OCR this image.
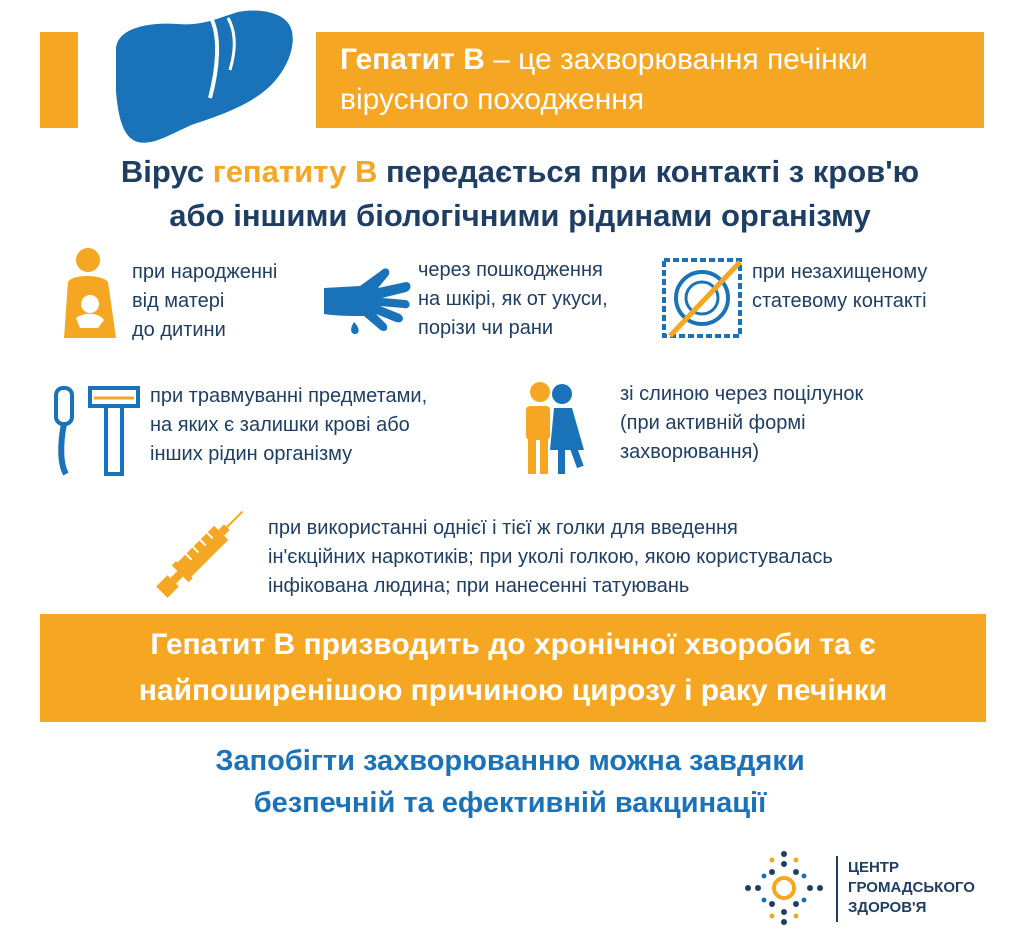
Гепатит В – це захворювання печінки
вірусного походження
Вірус гепатиту В передається при контакті з кров'ю
або іншими біологічними рідинами організму
при народженні
від матері
до дитини
через пошкодження
на шкірі, як от укуси,
порізи чи рани
при незахищеному
статевому контакті
при травмуванні предметами,
на яких є залишки крові або
інших рідин організму
зі слиною через поцілунок
(при активній формі
захворювання)
при використанні однієї і тієї ж голки для введення
ін'єкційних наркотиків; при уколі голкою, якою користувалась
інфікована людина; при нанесенні татуювань
Гепатит В призводить до хронічної хвороби та є
найпоширенішою причиною цирозу і раку печінки
Запобігти захворюванню можна завдяки
безпечній та ефективній вакцинації
ЦЕНТР
ГРОМАДСЬКОГО
ЗДОРОВ'Я
